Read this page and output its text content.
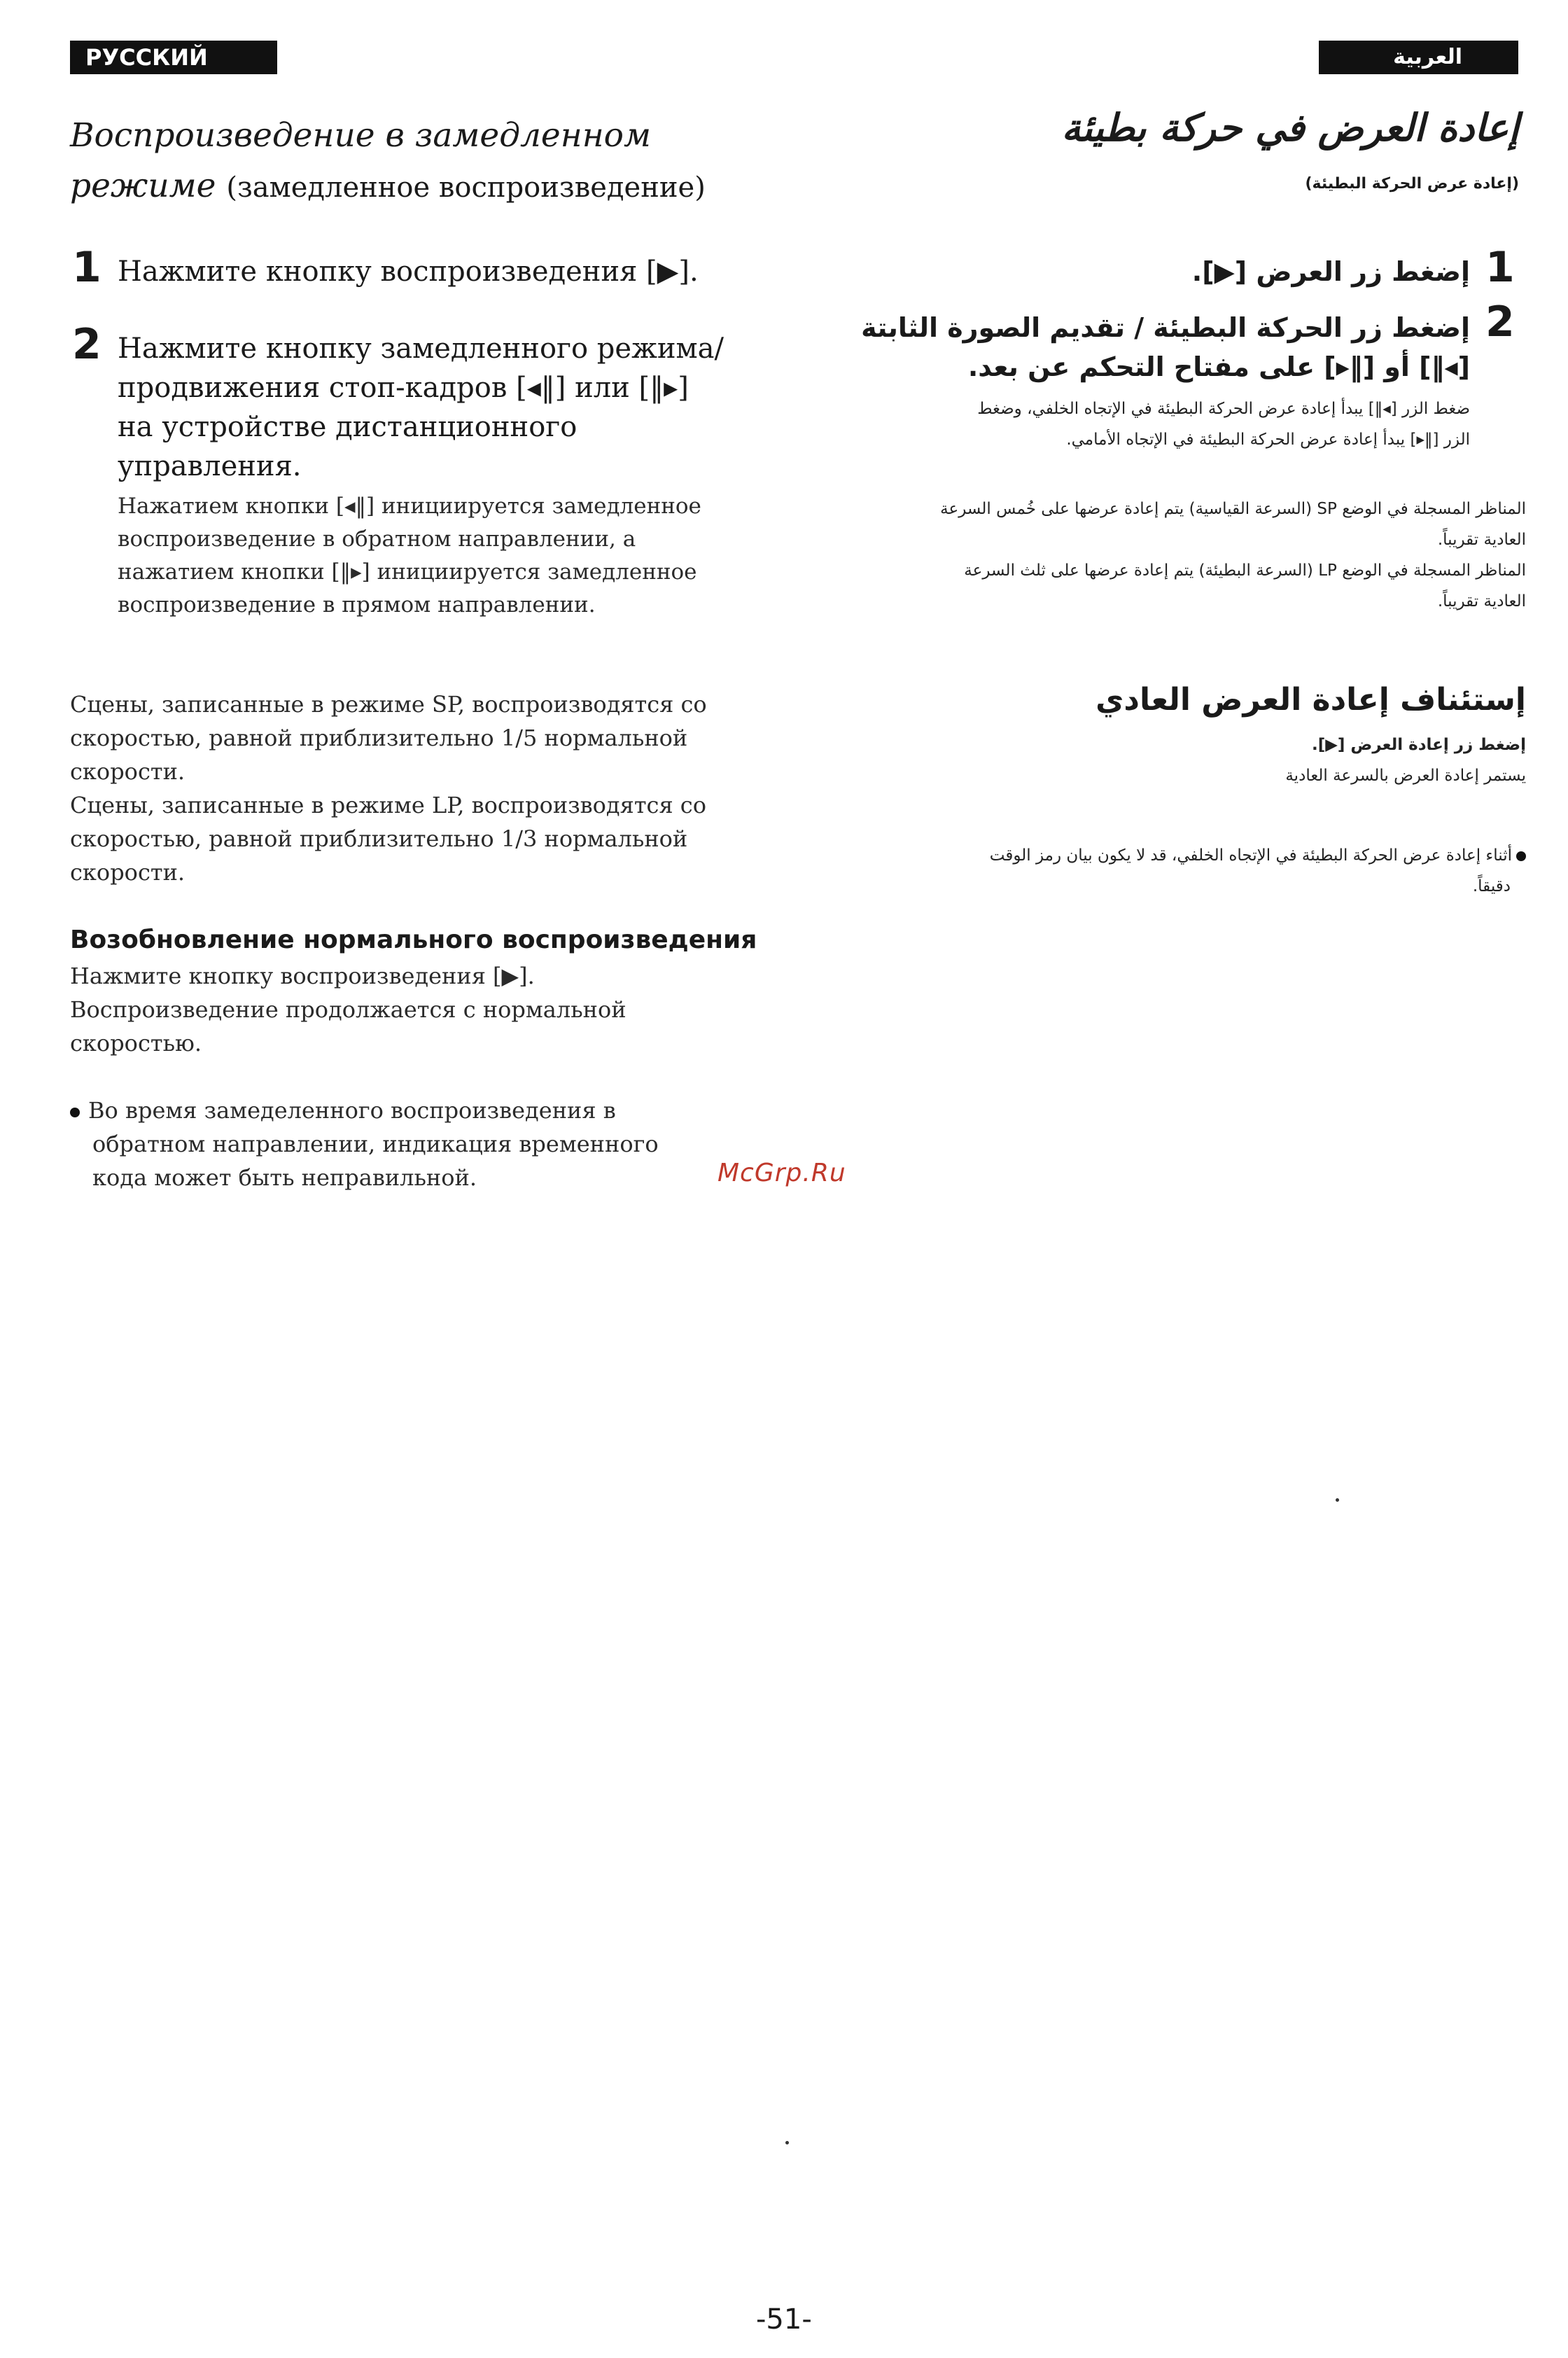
РУССКИЙ ЯЗЫК
العربية
Воспроизведение в замедленном
режиме (замедленное воспроизведение)
إعادة العرض في حركة بطيئة
(إعادة عرض الحركة البطيئة)
1 Нажмите кнопку воспроизведения [▶].
2 Нажмите кнопку замедленного режима/
продвижения стоп-кадров [◂‖] или [‖▸]
на устройстве дистанционного
управления.
Нажатием кнопки [◂‖] инициируется замедленное
воспроизведение в обратном направлении, а
нажатием кнопки [‖▸] инициируется замедленное
воспроизведение в прямом направлении.
Сцены, записанные в режиме SP, воспроизводятся со
скоростью, равной приблизительно 1/5 нормальной
скорости.
Сцены, записанные в режиме LP, воспроизводятся со
скоростью, равной приблизительно 1/3 нормальной
скорости.
Возобновление нормального воспроизведения
Нажмите кнопку воспроизведения [▶].
Воспроизведение продолжается с нормальной
скоростью.
Во время замеделенного воспроизведения в
обратном направлении, индикация временного
кода может быть неправильной.
1
إضغط زر العرض [▶].
2
إضغط زر الحركة البطيئة / تقديم الصورة الثابتة
[◂‖] أو [‖▸] على مفتاح التحكم عن بعد.
ضغط الزر [◂‖] يبدأ إعادة عرض الحركة البطيئة في الإتجاه الخلفي، وضغط
الزر [‖▸] يبدأ إعادة عرض الحركة البطيئة في الإتجاه الأمامي.
المناظر المسجلة في الوضع SP (السرعة القياسية) يتم إعادة عرضها على خُمس السرعة
العادية تقريباً.
المناظر المسجلة في الوضع LP (السرعة البطيئة) يتم إعادة عرضها على ثلث السرعة
العادية تقريباً.
إستئناف إعادة العرض العادي
إضغط زر إعادة العرض [▶].
يستمر إعادة العرض بالسرعة العادية
أثناء إعادة عرض الحركة البطيئة في الإتجاه الخلفي، قد لا يكون بيان رمز الوقت
دقيقاً.
McGrp.Ru
-51-
